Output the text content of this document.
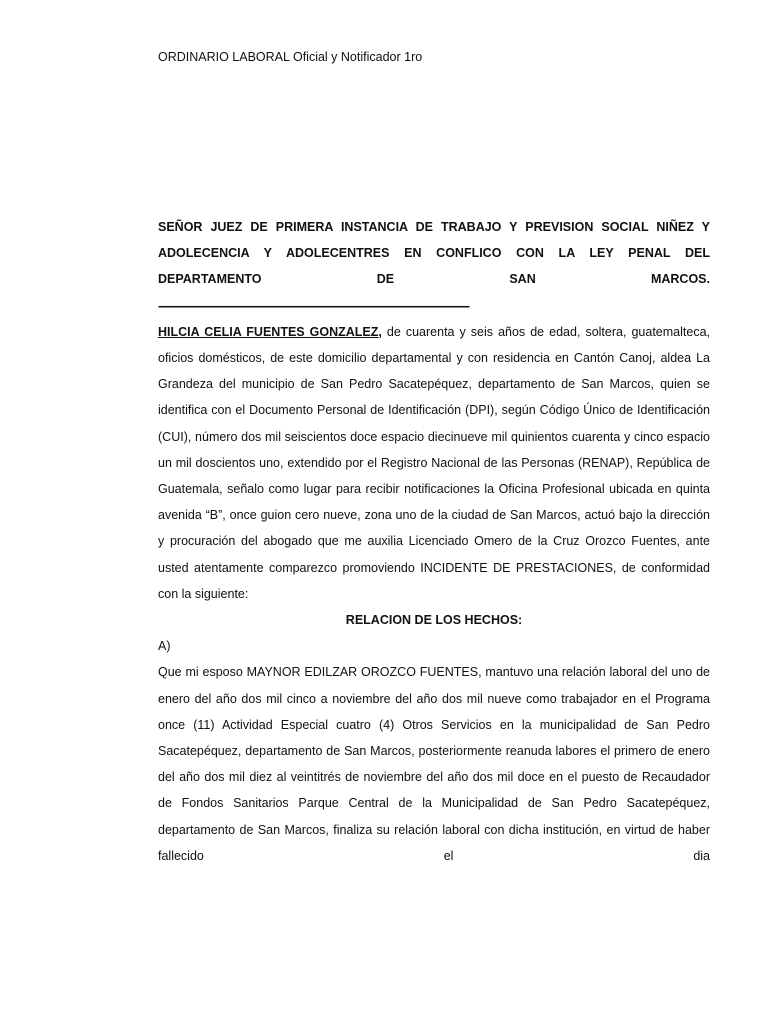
ORDINARIO LABORAL Oficial y Notificador 1ro

SEÑOR JUEZ DE PRIMERA INSTANCIA DE TRABAJO Y PREVISION SOCIAL NIÑEZ Y ADOLECENCIA Y ADOLECENTRES EN CONFLICO CON LA LEY PENAL DEL DEPARTAMENTO DE SAN MARCOS.------------------------------------------------------------------------------------------------------------------------------

HILCIA CELIA FUENTES GONZALEZ, de cuarenta y seis años de edad, soltera, guatemalteca, oficios domésticos, de este domicilio departamental y con residencia en Cantón Canoj, aldea La Grandeza del municipio de San Pedro Sacatepéquez, departamento de San Marcos, quien se identifica con el Documento Personal de Identificación (DPI), según Código Único de Identificación (CUI), número dos mil seiscientos doce espacio diecinueve mil quinientos cuarenta y cinco espacio un mil doscientos uno, extendido por el Registro Nacional de las Personas (RENAP), República de Guatemala, señalo como lugar para recibir notificaciones la Oficina Profesional ubicada en quinta avenida “B”, once guion cero nueve, zona uno de la ciudad de San Marcos, actuó bajo la dirección y procuración del abogado que me auxilia Licenciado Omero de la Cruz Orozco Fuentes, ante usted atentamente comparezco promoviendo INCIDENTE DE PRESTACIONES, de conformidad con la siguiente:

RELACION DE LOS HECHOS:

A)

Que mi esposo MAYNOR EDILZAR OROZCO FUENTES, mantuvo una relación laboral del uno de enero del año dos mil cinco a noviembre del año dos mil nueve como trabajador en el Programa once (11) Actividad Especial cuatro (4) Otros Servicios en la municipalidad de San Pedro Sacatepéquez, departamento de San Marcos, posteriormente reanuda labores el primero de enero del año dos mil diez al veintitrés de noviembre del año dos mil doce en el puesto de Recaudador de Fondos Sanitarios Parque Central de la Municipalidad de San Pedro Sacatepéquez, departamento de San Marcos, finaliza su relación laboral con dicha institución, en virtud de haber fallecido el dia
